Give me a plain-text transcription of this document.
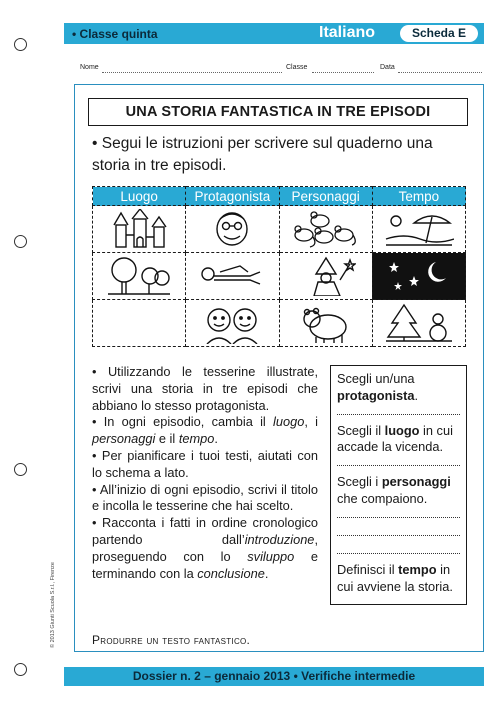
• Classe quinta	Italiano	Scheda E
Nome	Classe	Data
UNA STORIA FANTASTICA IN TRE EPISODI
• Segui le istruzioni per scrivere sul quaderno una storia in tre episodi.
Luogo	Protagonista	Personaggi	Tempo

• Utilizzando le tesserine illustrate, scrivi una storia in tre episodi che abbiano lo stesso protagonista.

• In ogni episodio, cambia il luogo, i personaggi e il tempo.

• Per pianificare i tuoi testi, aiutati con lo schema a lato.

• All’inizio di ogni episodio, scrivi il titolo e incolla le tesserine che hai scelto.

• Racconta i fatti in ordine cronologico partendo dall’introduzione, proseguendo con lo sviluppo e terminando con la conclusione.

Scegli un/una protagonista.

Scegli il luogo in cui accade la vicenda.

Scegli i personaggi che compaiono.

Definisci il tempo in cui avviene la storia.

Produrre un testo fantastico.
© 2013 Giunti Scuola S.r.l., Firenze
Dossier n. 2 – gennaio 2013 • Verifiche intermedie
